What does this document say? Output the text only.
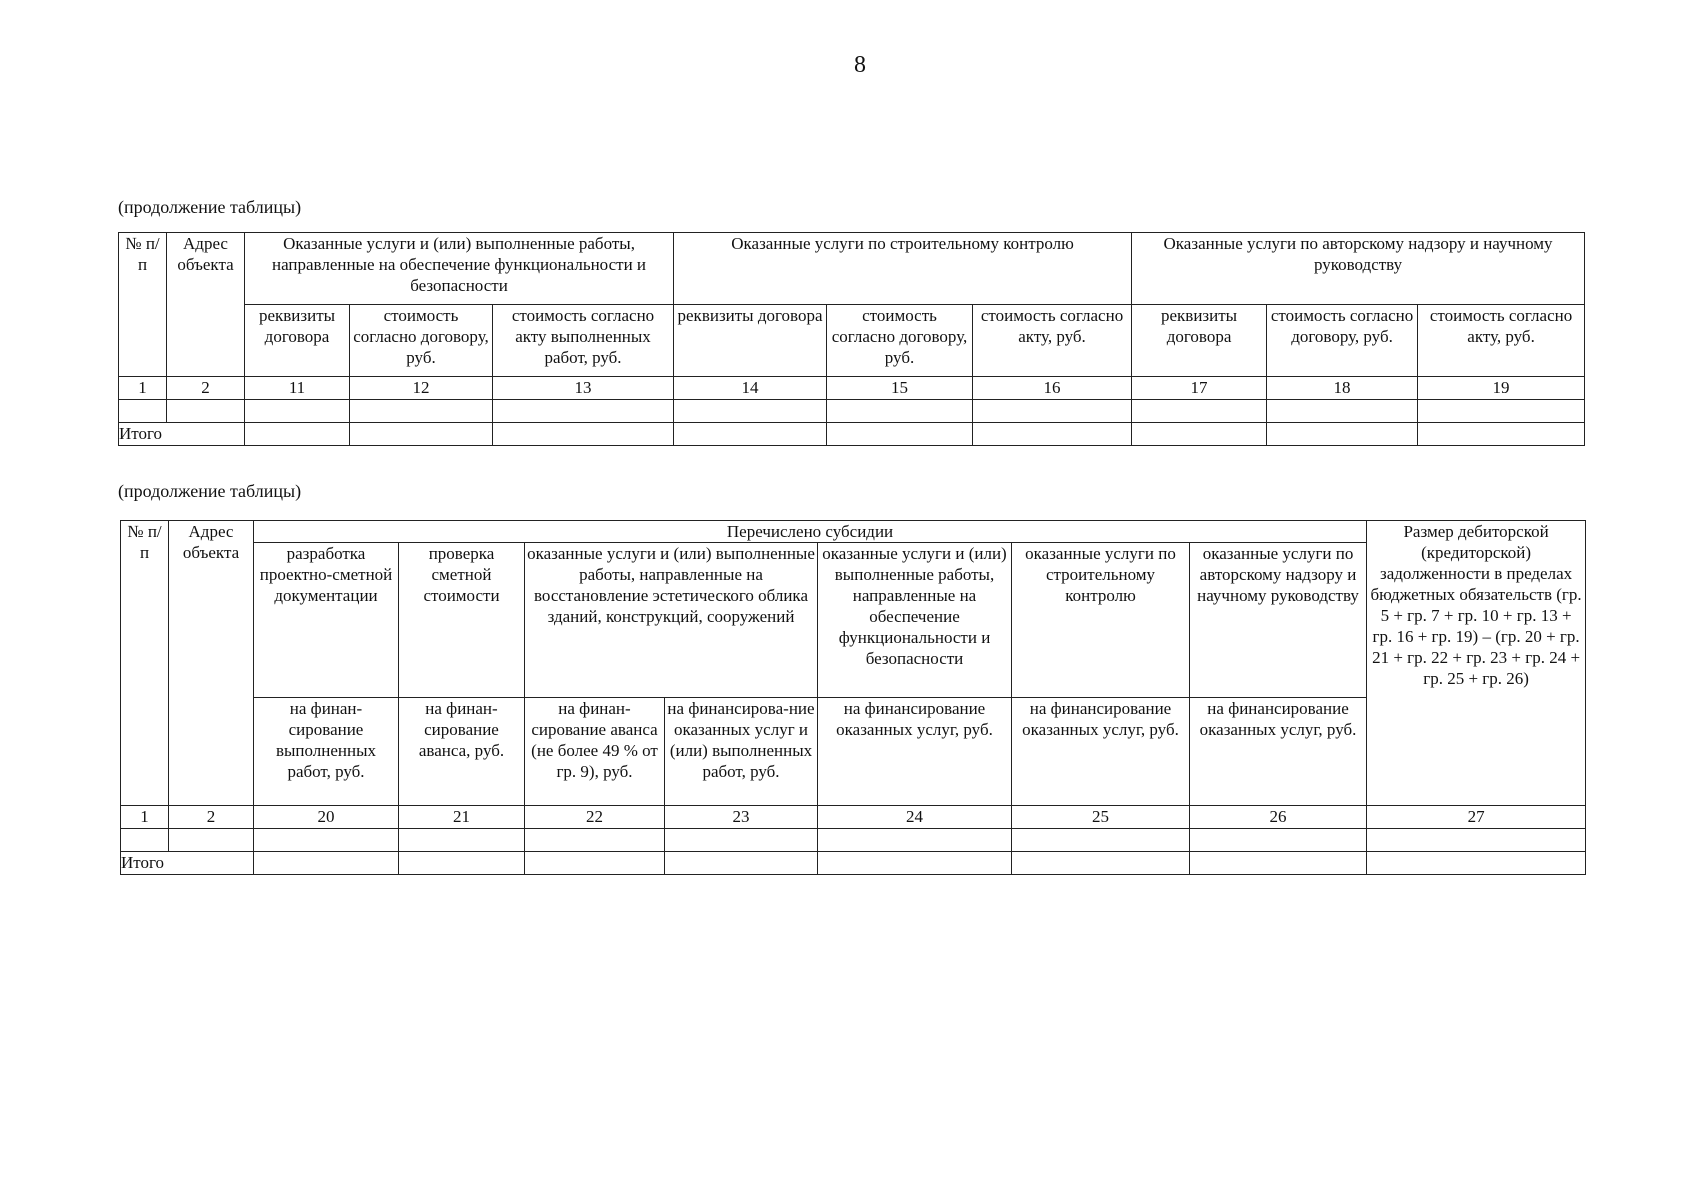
8
(продолжение таблицы)
№ п/п	Адрес объекта	Оказанные услуги и (или) выполненные работы, направленные на обеспечение функциональности и безопасности			Оказанные услуги по строительному контролю			Оказанные услуги по авторскому надзору и научному руководству		
		реквизиты договора	стоимость согласно договору, руб.	стоимость согласно акту выполненных работ, руб.	реквизиты договора	стоимость согласно договору, руб.	стоимость согласно акту, руб.	реквизиты договора	стоимость согласно договору, руб.	стоимость согласно акту, руб.
1	2	11	12	13	14	15	16	17	18	19

Итого										
(продолжение таблицы)
№ п/п	Адрес объекта	Перечислено субсидии							Размер дебиторской (кредиторской) задолженности в пределах бюджетных обязательств (гр. 5 + гр. 7 + гр. 10 + гр. 13 + гр. 16 + гр. 19) – (гр. 20 + гр. 21 + гр. 22 + гр. 23 + гр. 24 + гр. 25 + гр. 26)
		разработка проектно-сметной документации	проверка сметной стоимости	оказанные услуги и (или) выполненные работы, направленные на восстановление эстетического облика зданий, конструкций, сооружений		оказанные услуги и (или) выполненные работы, направленные на обеспечение функциональности и безопасности	оказанные услуги по строительному контролю	оказанные услуги по авторскому надзору и научному руководству	
		на финан-сирование выполненных работ, руб.	на финан-сирование аванса, руб.	на финан-сирование аванса (не более 49 % от гр. 9), руб.	на финансирова-ние оказанных услуг и (или) выполненных работ, руб.	на финансирование оказанных услуг, руб.	на финансирование оказанных услуг, руб.	на финансирование оказанных услуг, руб.	
1	2	20	21	22	23	24	25	26	27

Итого									
